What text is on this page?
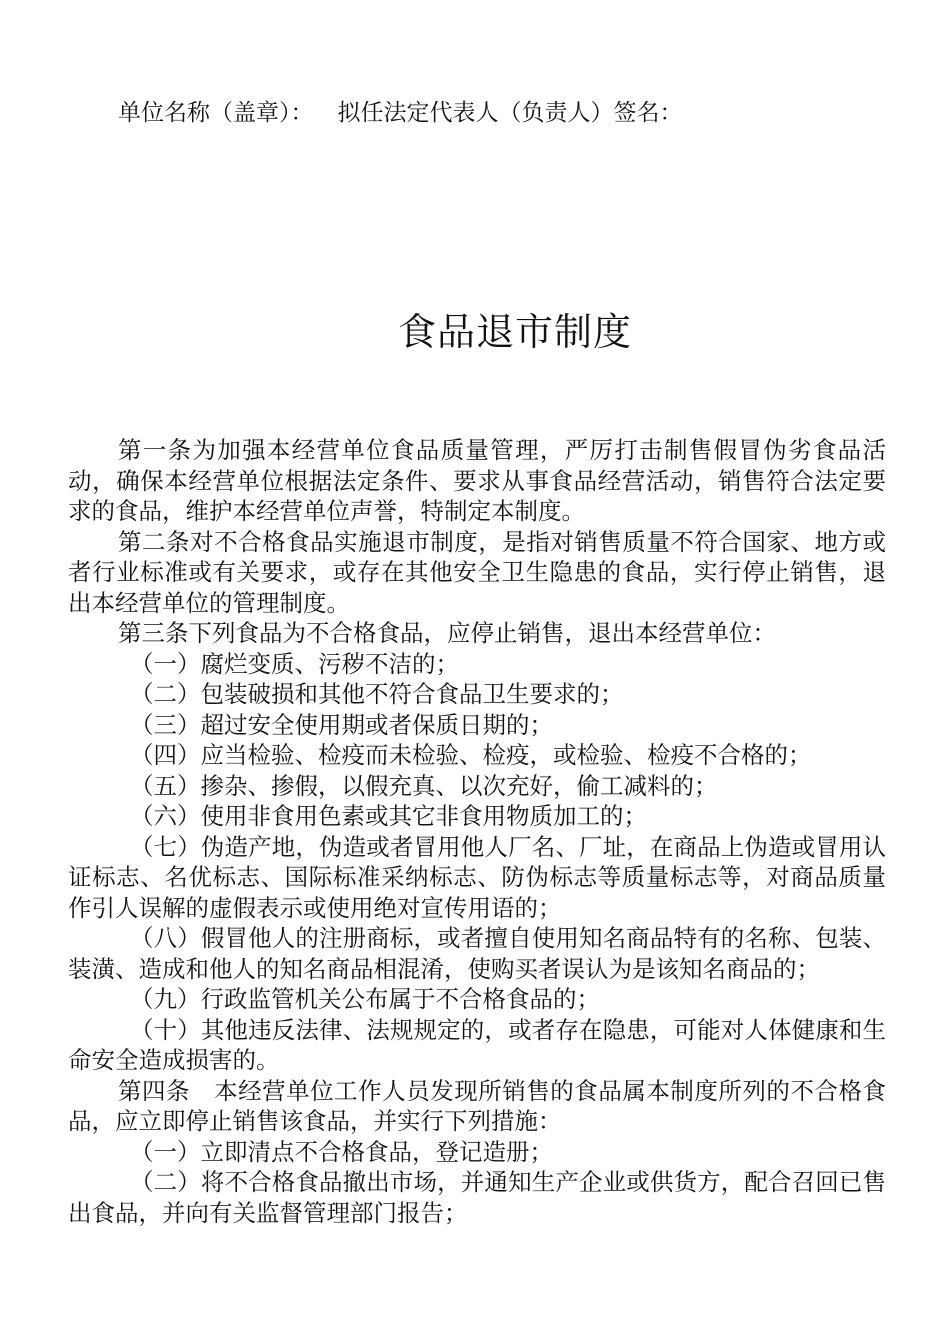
单位名称（盖章）： 拟任法定代表人（负责人）签名：
食品退市制度

第一条为加强本经营单位食品质量管理，严厉打击制售假冒伪劣食品活动，确保本经营单位根据法定条件、要求从事食品经营活动，销售符合法定要求的食品，维护本经营单位声誉，特制定本制度。

第二条对不合格食品实施退市制度，是指对销售质量不符合国家、地方或者行业标准或有关要求，或存在其他安全卫生隐患的食品，实行停止销售，退出本经营单位的管理制度。

第三条下列食品为不合格食品，应停止销售，退出本经营单位：

（一）腐烂变质、污秽不洁的；

（二）包装破损和其他不符合食品卫生要求的；

（三）超过安全使用期或者保质日期的；

（四）应当检验、检疫而未检验、检疫，或检验、检疫不合格的；

（五）掺杂、掺假，以假充真、以次充好，偷工减料的；

（六）使用非食用色素或其它非食用物质加工的；

（七）伪造产地，伪造或者冒用他人厂名、厂址，在商品上伪造或冒用认证标志、名优标志、国际标准采纳标志、防伪标志等质量标志等，对商品质量作引人误解的虚假表示或使用绝对宣传用语的；

（八）假冒他人的注册商标，或者擅自使用知名商品特有的名称、包装、装潢、造成和他人的知名商品相混淆，使购买者误认为是该知名商品的；

（九）行政监管机关公布属于不合格食品的；

（十）其他违反法律、法规规定的，或者存在隐患，可能对人体健康和生命安全造成损害的。

第四条　本经营单位工作人员发现所销售的食品属本制度所列的不合格食品，应立即停止销售该食品，并实行下列措施：

（一）立即清点不合格食品，登记造册；

（二）将不合格食品撤出市场，并通知生产企业或供货方，配合召回已售出食品，并向有关监督管理部门报告；
